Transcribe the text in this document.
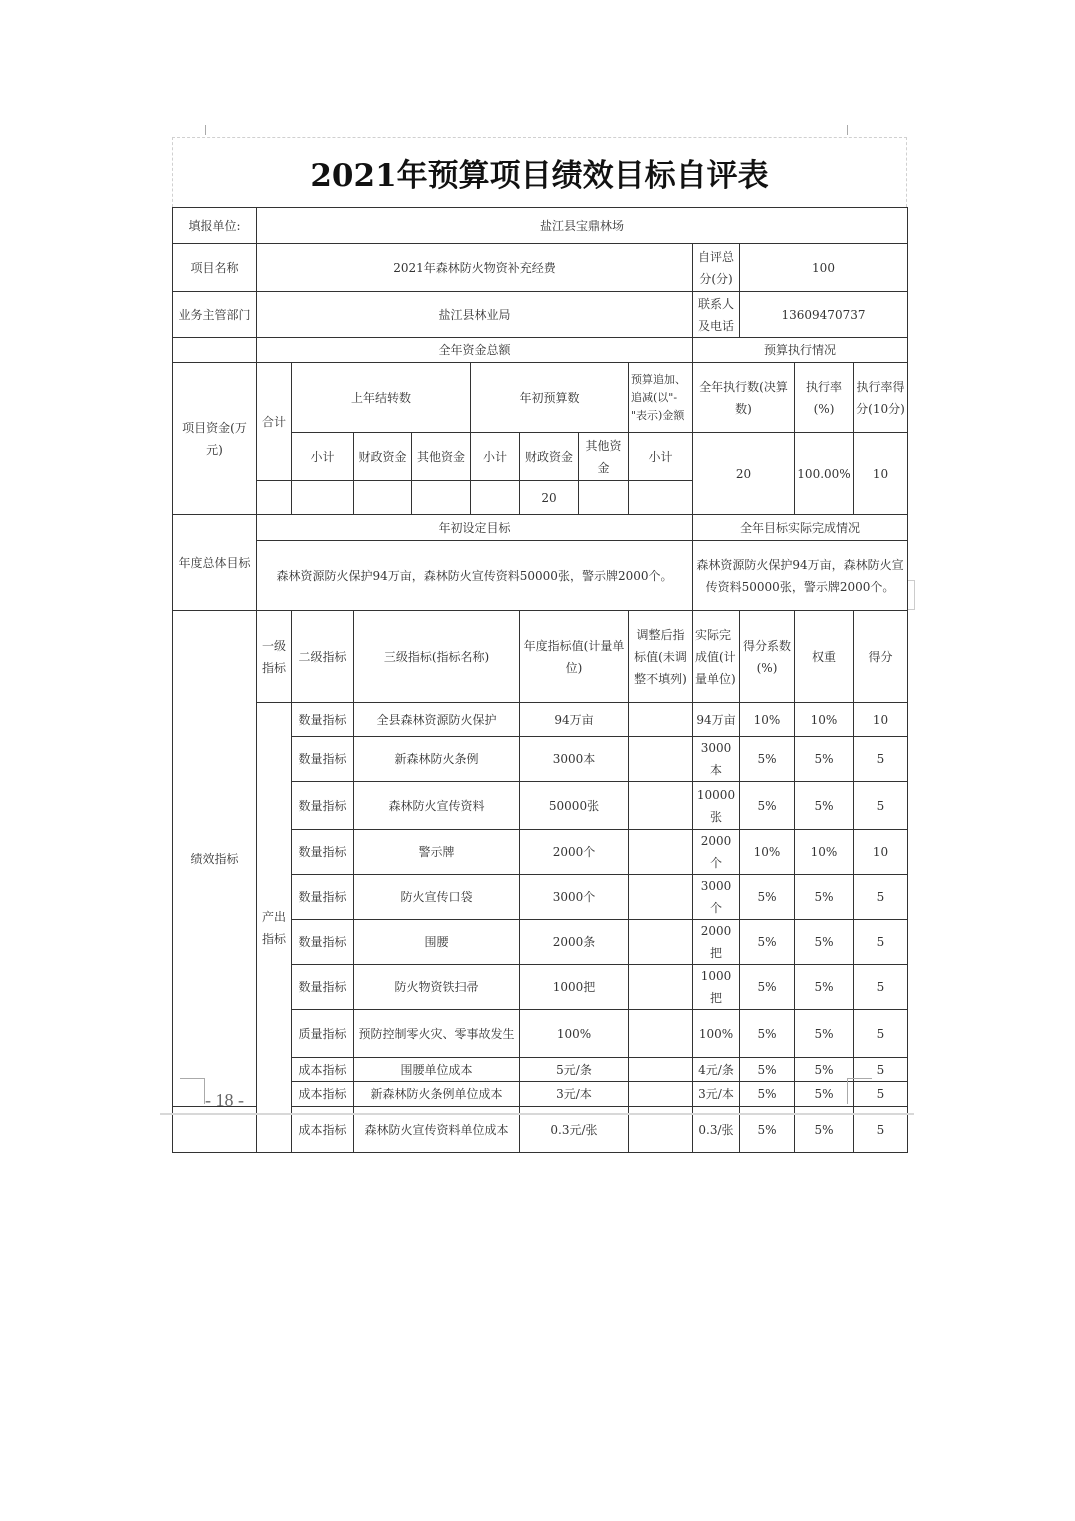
2021年预算项目绩效目标自评表
填报单位:	盐江县宝鼎林场											
项目名称	2021年森林防火物资补充经费								自评总分(分)	100		
业务主管部门	盐江县林业局								联系人及电话	13609470737		
	全年资金总额								预算执行情况			
项目资金(万元)	合计	上年结转数			年初预算数			预算追加、追减(以"-"表示)金额	全年执行数(决算数)		执行率(%)	执行率得分(10分)
		小计	财政资金	其他资金	小计	财政资金	其他资金	小计	20		100.00%	10
						20						
年度总体目标	年初设定目标								全年目标实际完成情况			
	森林资源防火保护94万亩，森林防火宣传资料50000张，警示牌2000个。								森林资源防火保护94万亩，森林防火宣传资料50000张，警示牌2000个。			
绩效指标	一级指标	二级指标	三级指标(指标名称)			年度指标值(计量单位)		调整后指标值(未调整不填列)	实际完成值(计量单位)	得分系数(%)	权重	得分
	产出指标	数量指标	全县森林资源防火保护			94万亩			94万亩	10%	10%	10
		数量指标	新森林防火条例			3000本			3000本	5%	5%	5
		数量指标	森林防火宣传资料			50000张			10000张	5%	5%	5
		数量指标	警示牌			2000个			2000个	10%	10%	10
		数量指标	防火宣传口袋			3000个			3000个	5%	5%	5
		数量指标	围腰			2000条			2000把	5%	5%	5
		数量指标	防火物资铁扫帚			1000把			1000把	5%	5%	5
		质量指标	预防控制零火灾、零事故发生			100%			100%	5%	5%	5
		成本指标	围腰单位成本			5元/条			4元/条	5%	5%	5
		成本指标	新森林防火条例单位成本			3元/本			3元/本	5%	5%	5
		成本指标	森林防火宣传资料单位成本			0.3元/张			0.3/张	5%	5%	5
- 18 -
